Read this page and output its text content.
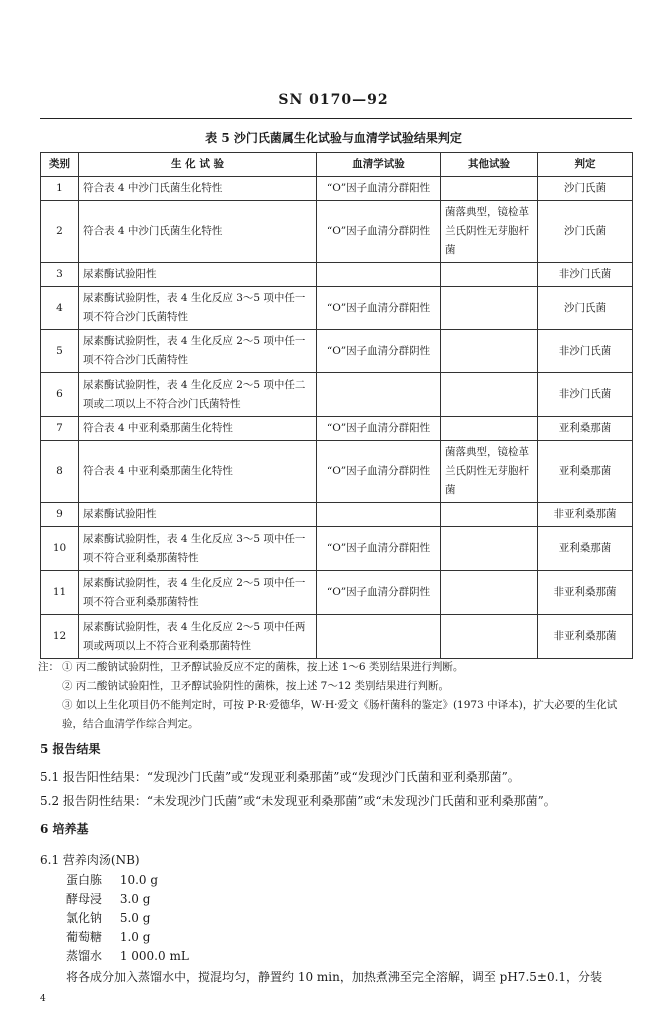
SN 0170—92
表 5 沙门氏菌属生化试验与血清学试验结果判定
类别	生 化 试 验	血清学试验	其他试验	判定
1	符合表 4 中沙门氏菌生化特性	“O”因子血清分群阳性		沙门氏菌
2	符合表 4 中沙门氏菌生化特性	“O”因子血清分群阴性	菌落典型，镜检革兰氏阴性无芽胞杆菌	沙门氏菌
3	尿素酶试验阳性			非沙门氏菌
4	尿素酶试验阴性，表 4 生化反应 3～5 项中任一项不符合沙门氏菌特性	“O”因子血清分群阳性		沙门氏菌
5	尿素酶试验阴性，表 4 生化反应 2～5 项中任一项不符合沙门氏菌特性	“O”因子血清分群阴性		非沙门氏菌
6	尿素酶试验阴性，表 4 生化反应 2～5 项中任二项或二项以上不符合沙门氏菌特性			非沙门氏菌
7	符合表 4 中亚利桑那菌生化特性	“O”因子血清分群阳性		亚利桑那菌
8	符合表 4 中亚利桑那菌生化特性	“O”因子血清分群阴性	菌落典型，镜检革兰氏阴性无芽胞杆菌	亚利桑那菌
9	尿素酶试验阳性			非亚利桑那菌
10	尿素酶试验阴性，表 4 生化反应 3～5 项中任一项不符合亚利桑那菌特性	“O”因子血清分群阳性		亚利桑那菌
11	尿素酶试验阴性，表 4 生化反应 2～5 项中任一项不符合亚利桑那菌特性	“O”因子血清分群阴性		非亚利桑那菌
12	尿素酶试验阴性，表 4 生化反应 2～5 项中任两项或两项以上不符合亚利桑那菌特性			非亚利桑那菌
注： ① 丙二酸钠试验阴性，卫矛醇试验反应不定的菌株，按上述 1～6 类别结果进行判断。
② 丙二酸钠试验阳性，卫矛醇试验阴性的菌株，按上述 7～12 类别结果进行判断。
③ 如以上生化项目仍不能判定时，可按 P·R·爱德华，W·H·爱文《肠杆菌科的鉴定》(1973 中译本)，扩大必要的生化试验，结合血清学作综合判定。
5 报告结果
5.1 报告阳性结果：“发现沙门氏菌”或“发现亚利桑那菌”或“发现沙门氏菌和亚利桑那菌”。
5.2 报告阴性结果：“未发现沙门氏菌”或“未发现亚利桑那菌”或“未发现沙门氏菌和亚利桑那菌”。
6 培养基
6.1 营养肉汤(NB)
蛋白胨 10.0 g
酵母浸 3.0 g
氯化钠 5.0 g
葡萄糖 1.0 g
蒸馏水 1 000.0 mL
将各成分加入蒸馏水中，搅混均匀，静置约 10 min，加热煮沸至完全溶解，调至 pH7.5±0.1，分装
4
